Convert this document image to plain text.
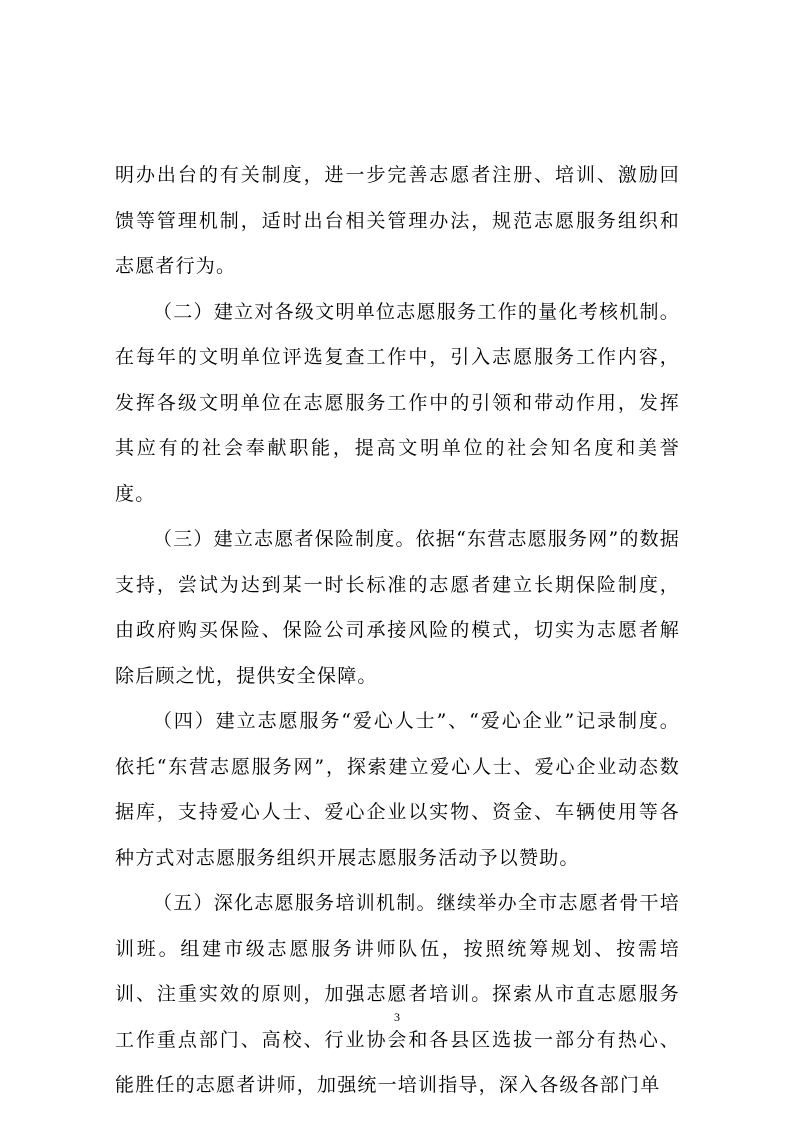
明办出台的有关制度，进一步完善志愿者注册、培训、激励回馈等管理机制，适时出台相关管理办法，规范志愿服务组织和志愿者行为。

（二）建立对各级文明单位志愿服务工作的量化考核机制。在每年的文明单位评选复查工作中，引入志愿服务工作内容，发挥各级文明单位在志愿服务工作中的引领和带动作用，发挥其应有的社会奉献职能，提高文明单位的社会知名度和美誉度。

（三）建立志愿者保险制度。依据“东营志愿服务网”的数据支持，尝试为达到某一时长标准的志愿者建立长期保险制度，由政府购买保险、保险公司承接风险的模式，切实为志愿者解除后顾之忧，提供安全保障。

（四）建立志愿服务“爱心人士”、“爱心企业”记录制度。依托“东营志愿服务网”，探索建立爱心人士、爱心企业动态数据库，支持爱心人士、爱心企业以实物、资金、车辆使用等各种方式对志愿服务组织开展志愿服务活动予以赞助。

（五）深化志愿服务培训机制。继续举办全市志愿者骨干培训班。组建市级志愿服务讲师队伍，按照统筹规划、按需培训、注重实效的原则，加强志愿者培训。探索从市直志愿服务工作重点部门、高校、行业协会和各县区选拔一部分有热心、能胜任的志愿者讲师，加强统一培训指导，深入各级各部门单

3
